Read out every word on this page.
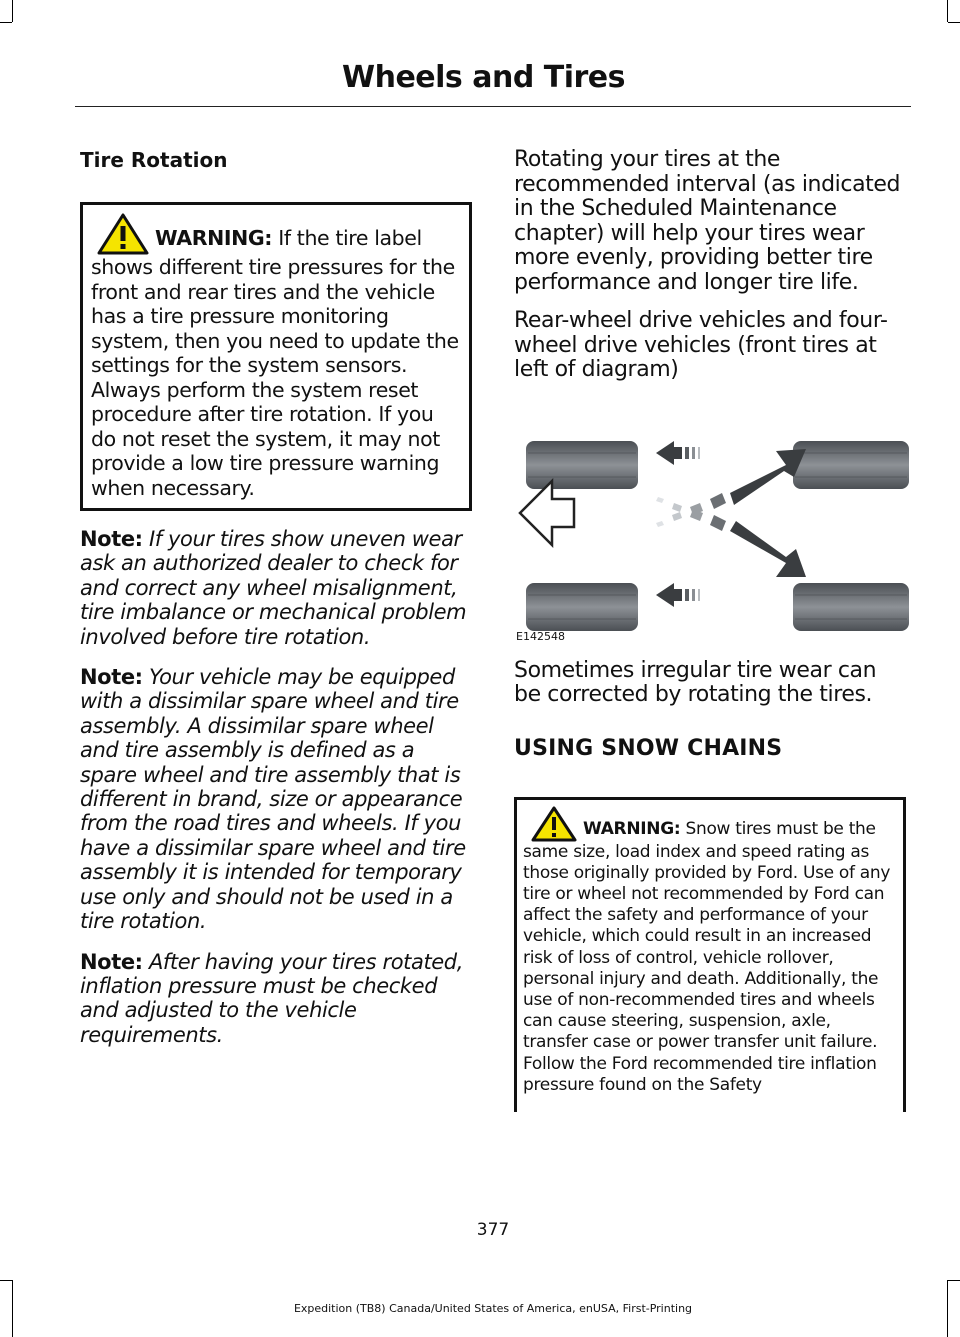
Wheels and Tires
Tire Rotation
WARNING: If the tire label shows different tire pressures for the front and rear tires and the vehicle has a tire pressure monitoring system, then you need to update the settings for the system sensors. Always perform the system reset procedure after tire rotation. If you do not reset the system, it may not provide a low tire pressure warning when necessary.

Note: If your tires show uneven wear ask an authorized dealer to check for and correct any wheel misalignment, tire imbalance or mechanical problem involved before tire rotation.

Note: Your vehicle may be equipped with a dissimilar spare wheel and tire assembly. A dissimilar spare wheel and tire assembly is defined as a spare wheel and tire assembly that is different in brand, size or appearance from the road tires and wheels. If you have a dissimilar spare wheel and tire assembly it is intended for temporary use only and should not be used in a tire rotation.

Note: After having your tires rotated, inflation pressure must be checked and adjusted to the vehicle requirements.

Rotating your tires at the recommended interval (as indicated in the Scheduled Maintenance chapter) will help your tires wear more evenly, providing better tire performance and longer tire life.

Rear-wheel drive vehicles and four-wheel drive vehicles (front tires at left of diagram)

E142548

Sometimes irregular tire wear can be corrected by rotating the tires.

USING SNOW CHAINS
WARNING: Snow tires must be the same size, load index and speed rating as those originally provided by Ford. Use of any tire or wheel not recommended by Ford can affect the safety and performance of your vehicle, which could result in an increased risk of loss of control, vehicle rollover, personal injury and death. Additionally, the use of non-recommended tires and wheels can cause steering, suspension, axle, transfer case or power transfer unit failure. Follow the Ford recommended tire inflation pressure found on the Safety
377
Expedition (TB8) Canada/United States of America, enUSA, First-Printing
